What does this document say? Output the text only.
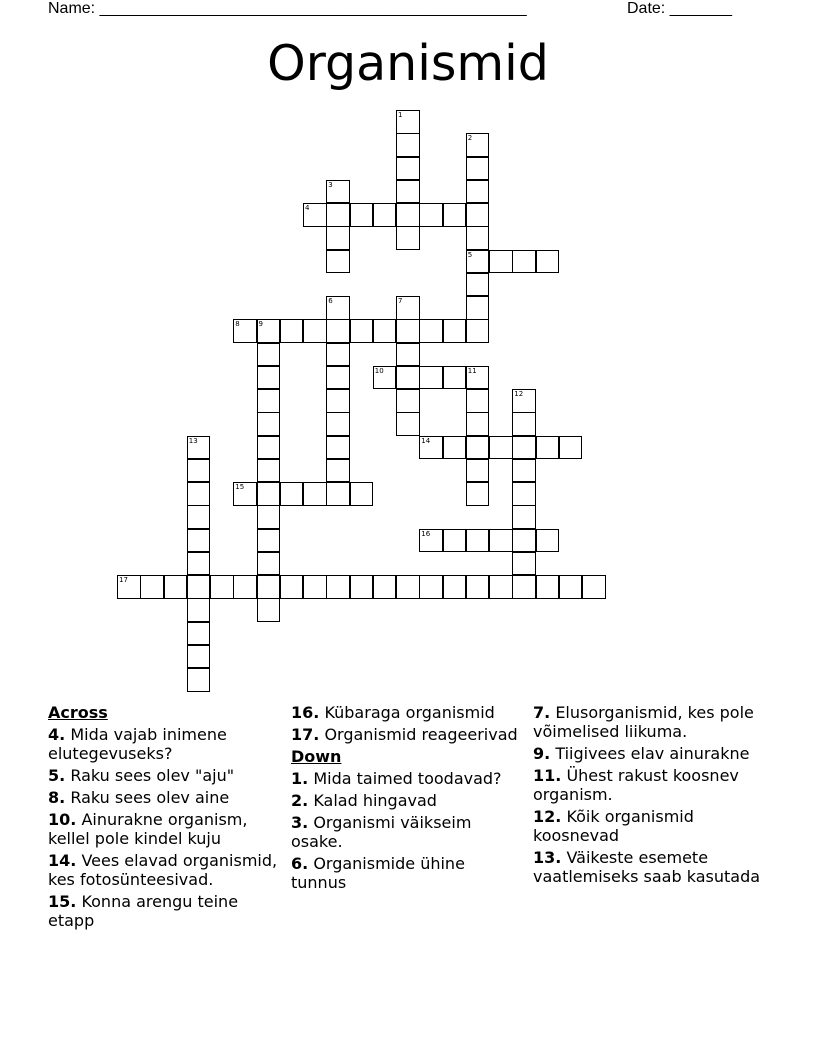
Name: ________________________________________________	Date: _______
Organismid
1
2
5
3
4
6	7
8	9
10	11
12
13	14
15
16
17
Across
4. Mida vajab inimene elutegevuseks?
5. Raku sees olev "aju"
8. Raku sees olev aine
10. Ainurakne organism, kellel pole kindel kuju
14. Vees elavad organismid, kes fotosünteesivad.
15. Konna arengu teine etapp
16. Kübaraga organismid
17. Organismid reageerivad
Down
1. Mida taimed toodavad?
2. Kalad hingavad
3. Organismi väikseim osake.
6. Organismide ühine tunnus
7. Elusorganismid, kes pole võimelised liikuma.
9. Tiigivees elav ainurakne
11. Ühest rakust koosnev organism.
12. Kõik organismid koosnevad
13. Väikeste esemete vaatlemiseks saab kasutada
